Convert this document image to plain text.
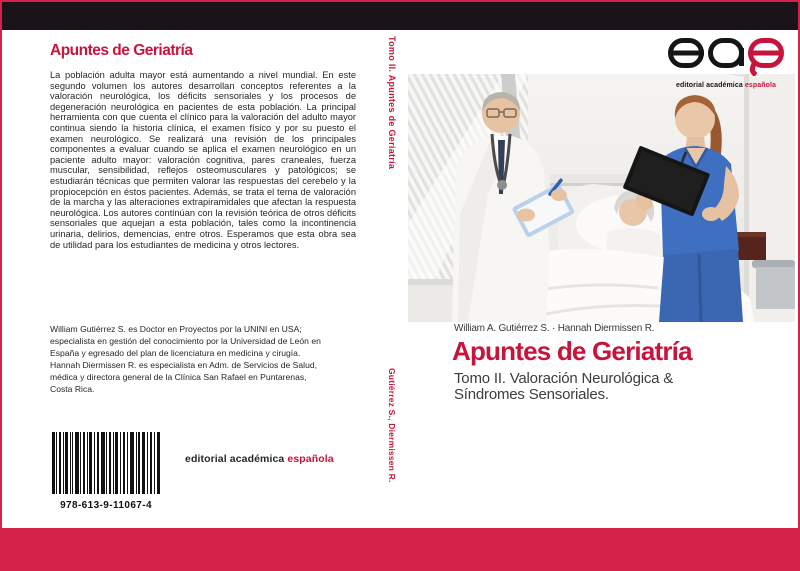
Apuntes de Geriatría
La población adulta mayor está aumentando a nivel mundial. En este segundo volumen los autores desarrollan conceptos referentes a la valoración neurológica, los déficits sensoriales y los procesos de degeneración neurológica en pacientes de esta población. La principal herramienta con que cuenta el clínico para la valoración del adulto mayor continua siendo la historia clínica, el examen físico y por su puesto el examen neurológico. Se realizará una revisión de los principales componentes a evaluar cuando se aplica el examen neurológico en un paciente adulto mayor: valoración cognitiva, pares craneales, fuerza muscular, sensibilidad, reflejos osteomusculares y patológicos; se estudiarán técnicas que permiten valorar las respuestas del cerebelo y la propiocepción en éstos pacientes. Además, se trata el tema de valoración de la marcha y las alteraciones extrapiramidales que afectan la respuesta neurológica. Los autores continúan con la revisión teórica de otros déficits sensoriales que aquejan a esta población, tales como la incontinencia urinaria, delirios, demencias, entre otros. Esperamos que esta obra sea de utilidad para los estudiantes de medicina y otros lectores.
William Gutiérrez S. es Doctor en Proyectos por la UNINI en USA; especialista en gestión del conocimiento por la Universidad de León en España y egresado del plan de licenciatura en medicina y cirugía. Hannah Diermissen R. es especialista en Adm. de Servicios de Salud, médica y directora general de la Clínica San Rafael en Puntarenas, Costa Rica.
978-613-9-11067-4
editorial académica española
Tomo II. Apuntes de Geriatría
Gutiérrez S., Diermissen R.
editorial académica española
William A. Gutiérrez S. · Hannah Diermissen R.
Apuntes de Geriatría
Tomo II. Valoración Neurológica &
Síndromes Sensoriales.
